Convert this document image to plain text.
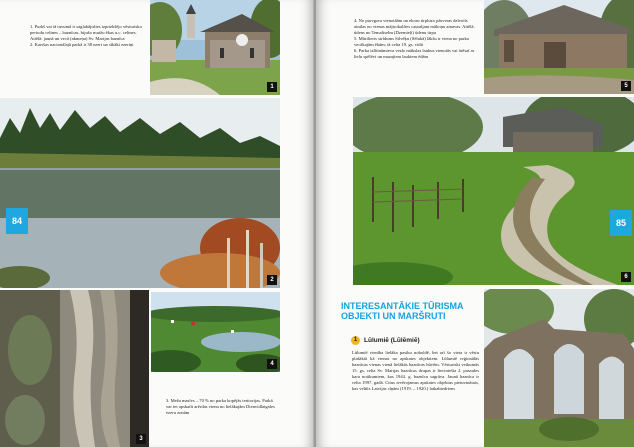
1. Purkš vai tā tuvumā ir saglabājušies izpriekšējo vēsturisko periodu celtnes – baznīcas, bijušo muižu ēkas u.c. celtnes. Attēlā: jaunā un vecā (akmeņa) Sv. Marijas baznīca

2. Karsšas nacionālajā parkā ir 38 ezeri un sīkāki ezeriņi

1
2
84
3
4

3. Meža masīvs – 70 % no parka kopējās teritorijas. Parkā var iet apskatīt arērdas vienu no lielākajām Dienvidlatgales ezeru zonām

4. No purvgora vienotāām un ekoru tirpluzo pāsveras dzīvotīs ainilas no vienas mājtrokalfies cauraljam mākoņu ainavas. Attēlā: ūdens no Temaliselm (Dzemieļi) ūdenu tirpa

5. Mūrilieris strīdums Silvēķu (Sēlukā) lākšu ir viena no parka vecākajām ēkām; tā celta 19. gs. vidū

6. Parka izlītināmieva vezlo mākslas laukus vienotās vai ārēsaī ar lielu spēlēvi un mazajiem laukiem ēdām

5
6
85
INTERESANTĀKIE TŪRISMA OBJEKTI UN MARŠRUTI
1	Lūlumiē (Lūlēmiē)

Lūlumiē vienība lielāka pasiku noboldē, bet arī šo vieta ir vēstu plašākiā kā vienas no apskates objektiem. Lūlumiē reģionālās baznīcas vienas vienā lielākās baznīcas būvēm. Vēsturiski veikumās 15. gs. celta Sv. Marijas baznīcas drupas ir lieciniešia 2. pasaules kara notikumiem, kas 1944. g. baznīcu sagrāva. Jaunā baznīca ir celta 1997. gadā. Citus ievērojamus apskates objektus pietuvinātais, kas veltīts Latvijas cīņām (1919. – 1920.) laikabiedriem
